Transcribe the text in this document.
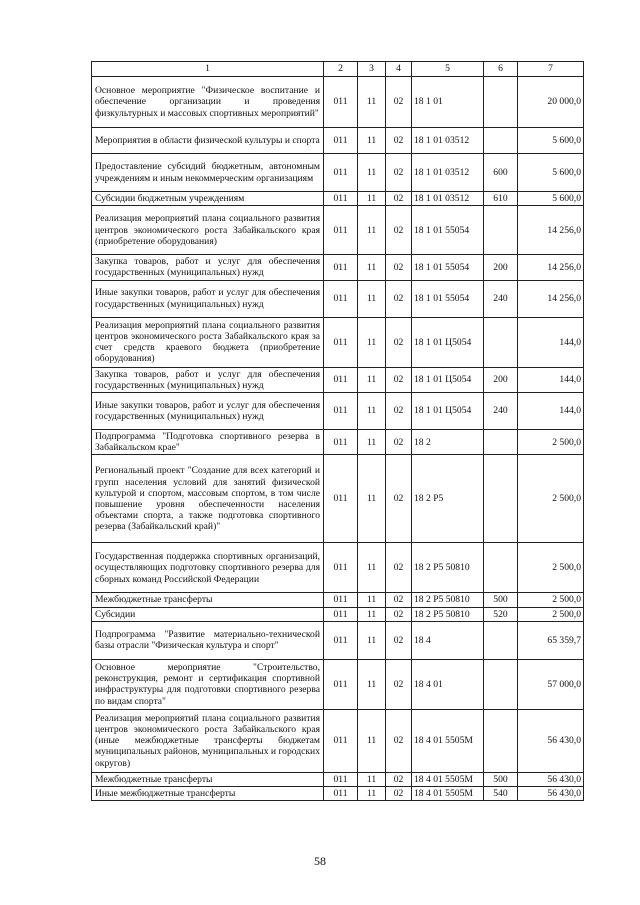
1	2	3	4	5	6	7
Основное мероприятие "Физическое воспитание и обеспечение организации и проведения физкультурных и массовых спортивных мероприятий"	011	11	02	18 1 01		20 000,0
Мероприятия в области физической культуры и спорта	011	11	02	18 1 01 03512		5 600,0
Предоставление субсидий бюджетным, автономным учреждениям и иным некоммерческим организациям	011	11	02	18 1 01 03512	600	5 600,0
Субсидии бюджетным учреждениям	011	11	02	18 1 01 03512	610	5 600,0
Реализация мероприятий плана социального развития центров экономического роста Забайкальского края (приобретение оборудования)	011	11	02	18 1 01 55054		14 256,0
Закупка товаров, работ и услуг для обеспечения государственных (муниципальных) нужд	011	11	02	18 1 01 55054	200	14 256,0
Иные закупки товаров, работ и услуг для обеспечения государственных (муниципальных) нужд	011	11	02	18 1 01 55054	240	14 256,0
Реализация мероприятий плана социального развития центров экономического роста Забайкальского края за счет средств краевого бюджета (приобретение оборудования)	011	11	02	18 1 01 Ц5054		144,0
Закупка товаров, работ и услуг для обеспечения государственных (муниципальных) нужд	011	11	02	18 1 01 Ц5054	200	144,0
Иные закупки товаров, работ и услуг для обеспечения государственных (муниципальных) нужд	011	11	02	18 1 01 Ц5054	240	144,0
Подпрограмма "Подготовка спортивного резерва в Забайкальском крае"	011	11	02	18 2		2 500,0
Региональный проект "Создание для всех категорий и групп населения условий для занятий физической культурой и спортом, массовым спортом, в том числе повышение уровня обеспеченности населения объектами спорта, а также подготовка спортивного резерва (Забайкальский край)"	011	11	02	18 2 P5		2 500,0
Государственная поддержка спортивных организаций, осуществляющих подготовку спортивного резерва для сборных команд Российской Федерации	011	11	02	18 2 P5 50810		2 500,0
Межбюджетные трансферты	011	11	02	18 2 P5 50810	500	2 500,0
Субсидии	011	11	02	18 2 P5 50810	520	2 500,0
Подпрограмма "Развитие материально-технической базы отрасли "Физическая культура и спорт"	011	11	02	18 4		65 359,7
Основное мероприятие "Строительство, реконструкция, ремонт и сертификация спортивной инфраструктуры для подготовки спортивного резерва по видам спорта"	011	11	02	18 4 01		57 000,0
Реализация мероприятий плана социального развития центров экономического роста Забайкальского края (иные межбюджетные трансферты бюджетам муниципальных районов, муниципальных и городских округов)	011	11	02	18 4 01 5505M		56 430,0
Межбюджетные трансферты	011	11	02	18 4 01 5505M	500	56 430,0
Иные межбюджетные трансферты	011	11	02	18 4 01 5505M	540	56 430,0
58
